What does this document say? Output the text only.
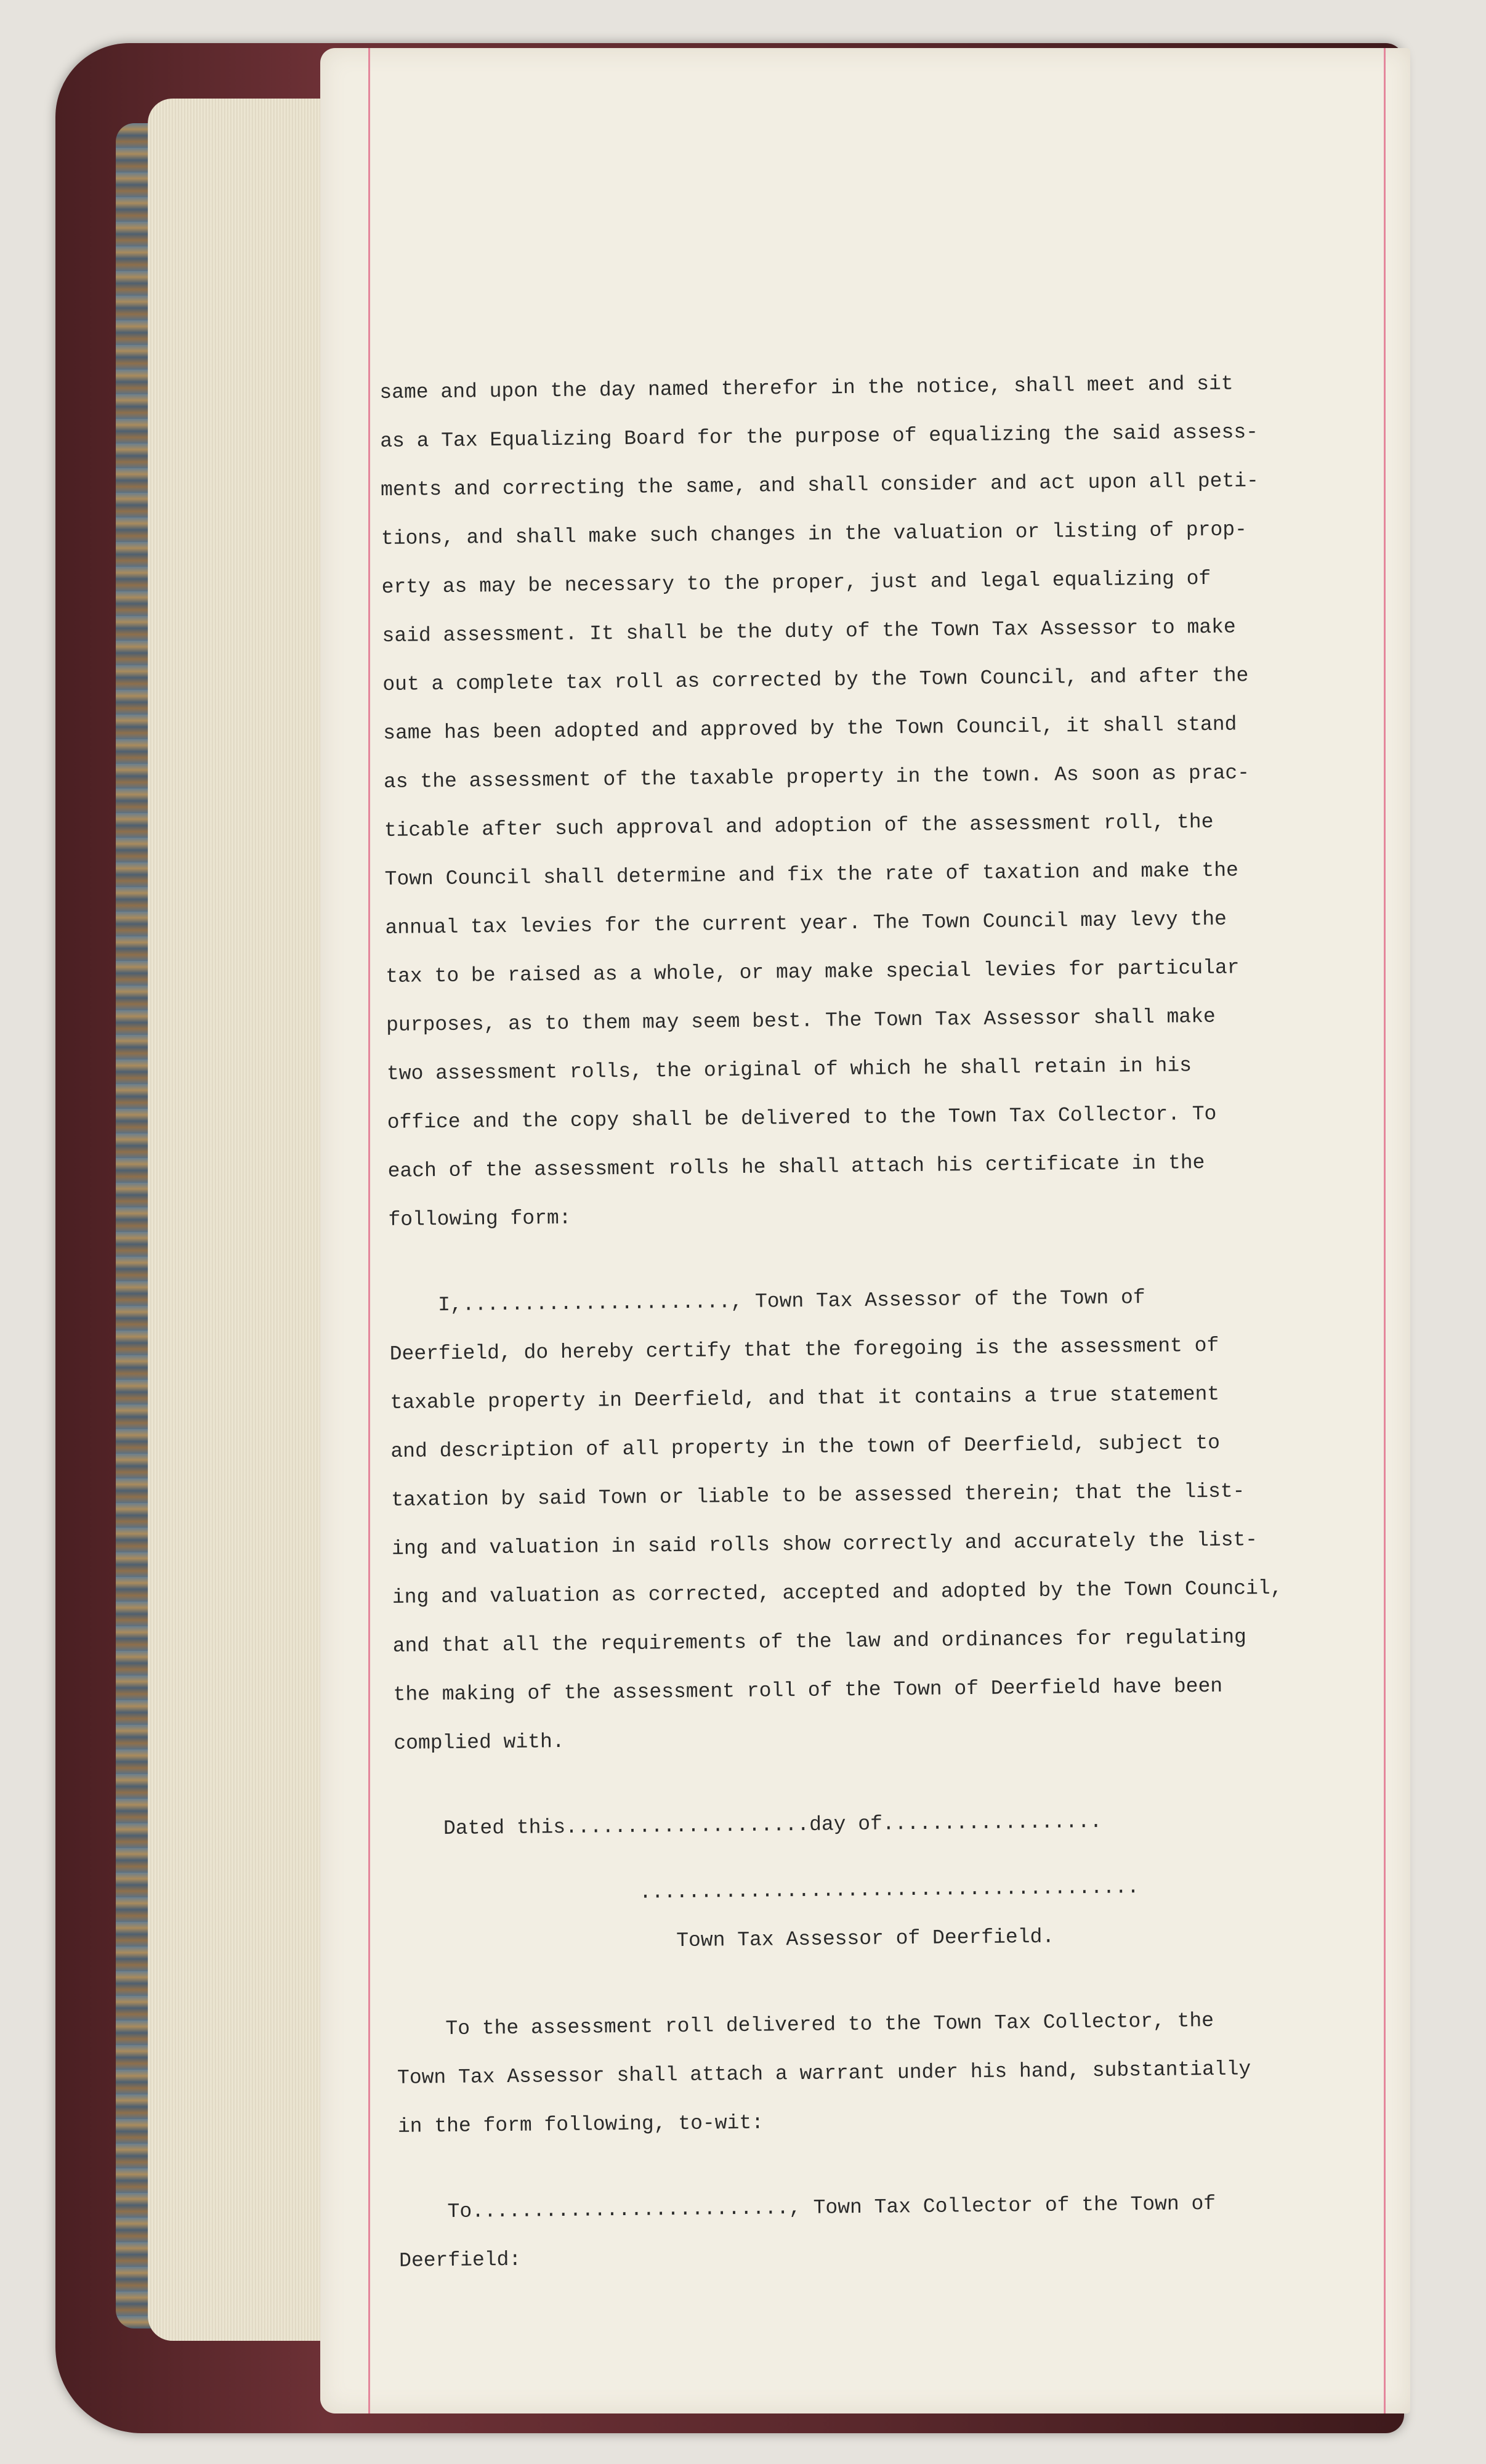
same and upon the day named therefor in the notice, shall meet and sit
as a Tax Equalizing Board for the purpose of equalizing the said assess-
ments and correcting the same, and shall consider and act upon all peti-
tions, and shall make such changes in the valuation or listing of prop-
erty as may be necessary to the proper, just and legal equalizing of
said assessment. It shall be the duty of the Town Tax Assessor to make
out a complete tax roll as corrected by the Town Council, and after the
same has been adopted and approved by the Town Council, it shall stand
as the assessment of the taxable property in the town. As soon as prac-
ticable after such approval and adoption of the assessment roll, the
Town Council shall determine and fix the rate of taxation and make the
annual tax levies for the current year. The Town Council may levy the
tax to be raised as a whole, or may make special levies for particular
purposes, as to them may seem best. The Town Tax Assessor shall make
two assessment rolls, the original of which he shall retain in his
office and the copy shall be delivered to the Town Tax Collector. To
each of the assessment rolls he shall attach his certificate in the
following form:
I,......................, Town Tax Assessor of the Town of
Deerfield, do hereby certify that the foregoing is the assessment of
taxable property in Deerfield, and that it contains a true statement
and description of all property in the town of Deerfield, subject to
taxation by said Town or liable to be assessed therein; that the list-
ing and valuation in said rolls show correctly and accurately the list-
ing and valuation as corrected, accepted and adopted by the Town Council,
and that all the requirements of the law and ordinances for regulating
the making of the assessment roll of the Town of Deerfield have been
complied with.
Dated this....................day of..................
.........................................
Town Tax Assessor of Deerfield.
To the assessment roll delivered to the Town Tax Collector, the
Town Tax Assessor shall attach a warrant under his hand, substantially
in the form following, to-wit:
To.........................., Town Tax Collector of the Town of
Deerfield:
